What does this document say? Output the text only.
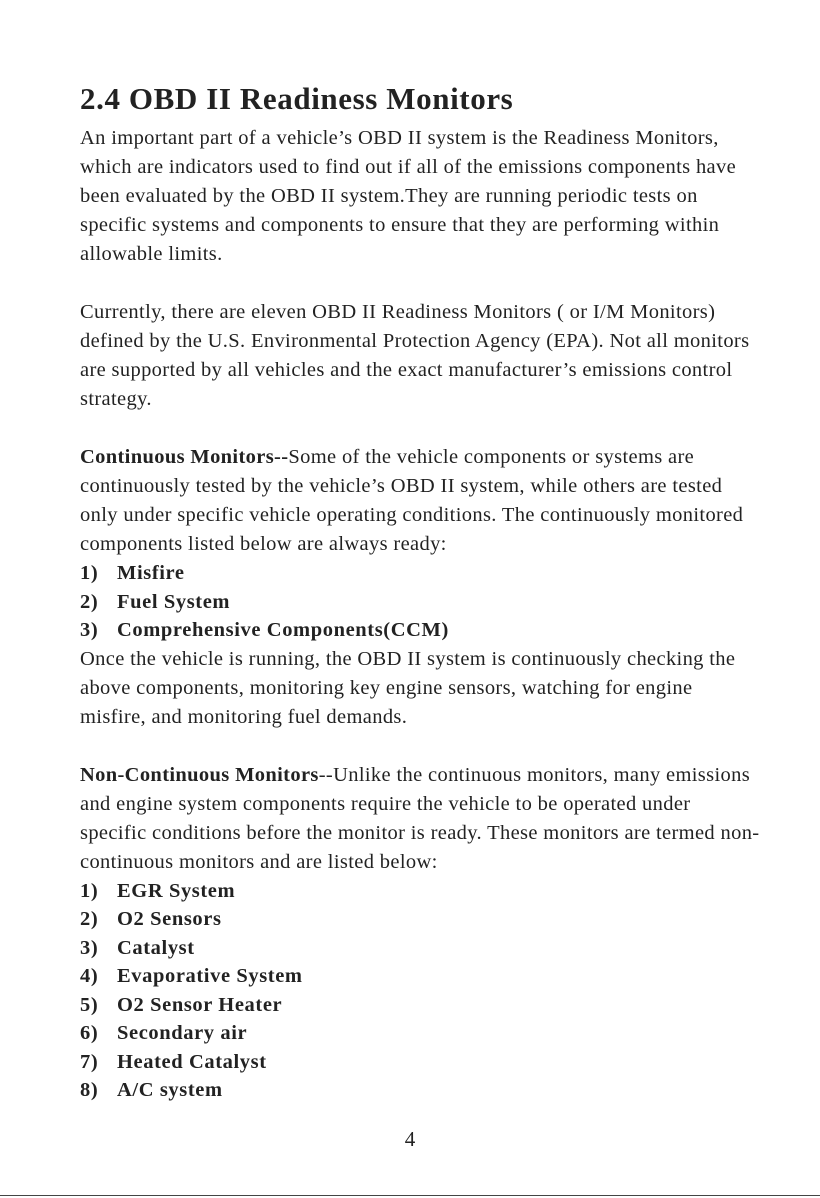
2.4 OBD II Readiness Monitors

An important part of a vehicle’s OBD II system is the Readiness Monitors, which are indicators used to find out if all of the emissions components have been evaluated by the OBD II system.They are running periodic tests on specific systems and components to ensure that they are performing within allowable limits.

Currently, there are eleven OBD II Readiness Monitors ( or I/M Monitors) defined by the U.S. Environmental Protection Agency (EPA). Not all monitors are supported by all vehicles and the exact manufacturer’s emissions control strategy.

Continuous Monitors--Some of the vehicle components or systems are continuously tested by the vehicle’s OBD II system, while others are tested only under specific vehicle operating conditions. The continuously monitored components listed below are always ready:

1) Misfire
2) Fuel System
3) Comprehensive Components(CCM)

Once the vehicle is running, the OBD II system is continuously checking the above components, monitoring key engine sensors, watching for engine misfire, and monitoring fuel demands.

Non-Continuous Monitors--Unlike the continuous monitors, many emissions and engine system components require the vehicle to be operated under specific conditions before the monitor is ready. These monitors are termed non-continuous monitors and are listed below:

1) EGR System
2) O2 Sensors
3) Catalyst
4) Evaporative System
5) O2 Sensor Heater
6) Secondary air
7) Heated Catalyst
8) A/C system
4
